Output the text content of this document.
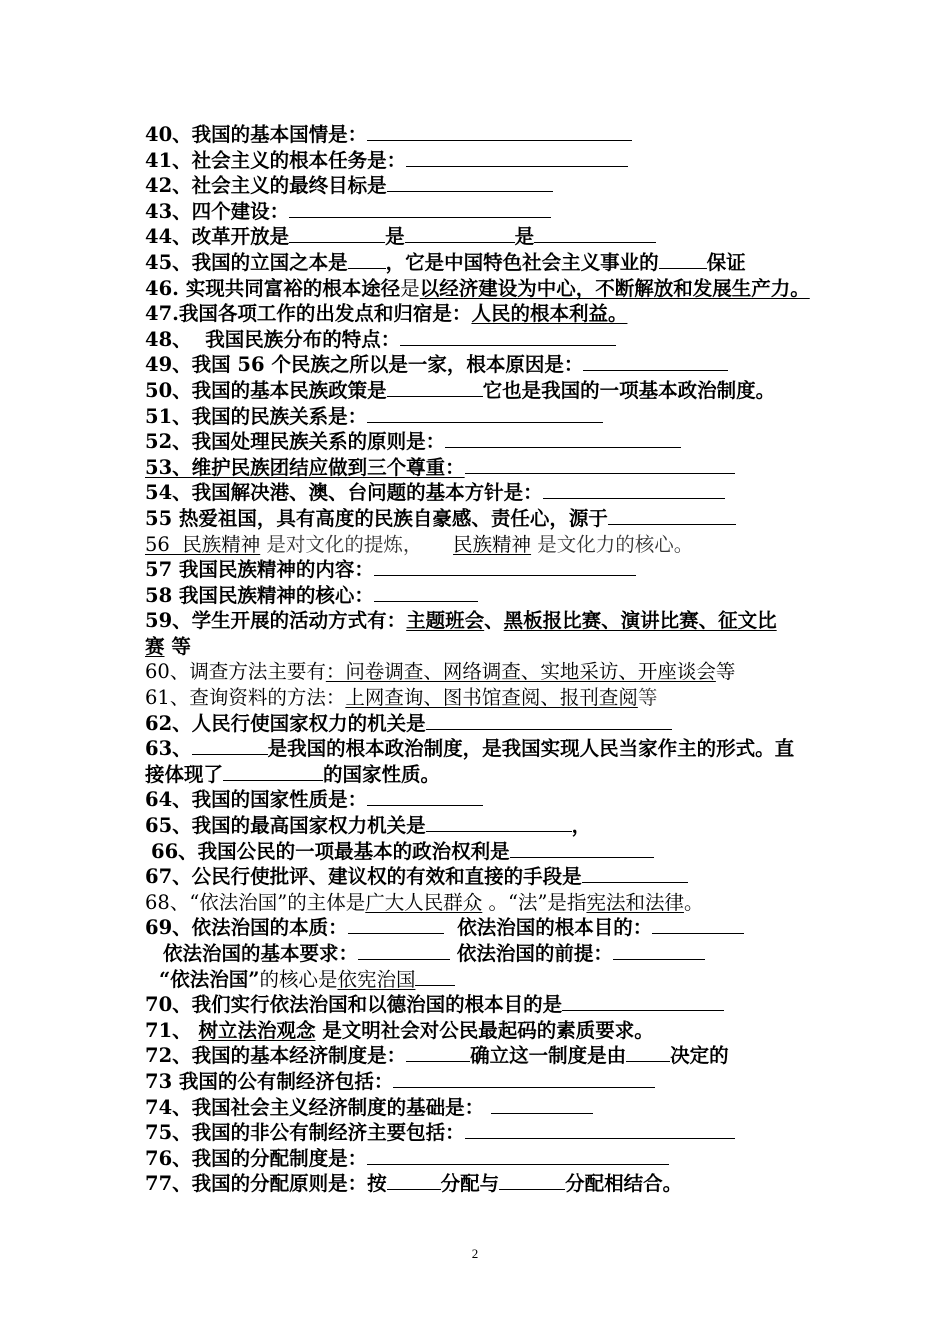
40、我国的基本国情是：
41、社会主义的根本任务是：
42、社会主义的最终目标是
43、四个建设：
44、改革开放是	是	是
45、我国的立国之本是 ，它是中国特色社会主义事业的 保证
46. 实现共同富裕的根本途径是以经济建设为中心，不断解放和发展生产力。
47.我国各项工作的出发点和归宿是：人民的根本利益。
48、  我国民族分布的特点：
49、我国 56 个民族之所以是一家，根本原因是：
50、我国的基本民族政策是	它也是我国的一项基本政治制度。
51、我国的民族关系是：
52、我国处理民族关系的原则是：
53、维护民族团结应做到三个尊重：
54、我国解决港、澳、台问题的基本方针是：
55 热爱祖国，具有高度的民族自豪感、责任心，源于
56  民族精神 是对文化的提炼， 民族精神 是文化力的核心。
57 我国民族精神的内容：
58 我国民族精神的核心：
59、学生开展的活动方式有：主题班会、黑板报比赛、演讲比赛、征文比赛 等
60、调查方法主要有：问卷调查、网络调查、实地采访、开座谈会等
61、查询资料的方法：上网查询、图书馆查阅、报刊查阅等
62、人民行使国家权力的机关是
63、	是我国的根本政治制度，是我国实现人民当家作主的形式。直接体现了	的国家性质。
64、我国的国家性质是：
65、我国的最高国家权力机关是	，
66、我国公民的一项最基本的政治权利是
67、公民行使批评、建议权的有效和直接的手段是
68、“依法治国”的主体是广大人民群众 。“法”是指宪法和法律。
69、依法治国的本质：	依法治国的根本目的：
依法治国的基本要求：	依法治国的前提：
“依法治国”的核心是依宪治国
70、我们实行依法治国和以德治国的根本目的是
71、 树立法治观念 是文明社会对公民最起码的素质要求。
72、我国的基本经济制度是：	确立这一制度是由 决定的
73 我国的公有制经济包括：
74、我国社会主义经济制度的基础是：
75、我国的非公有制经济主要包括：
76、我国的分配制度是：
77、我国的分配原则是：按	分配与	分配相结合。
2
